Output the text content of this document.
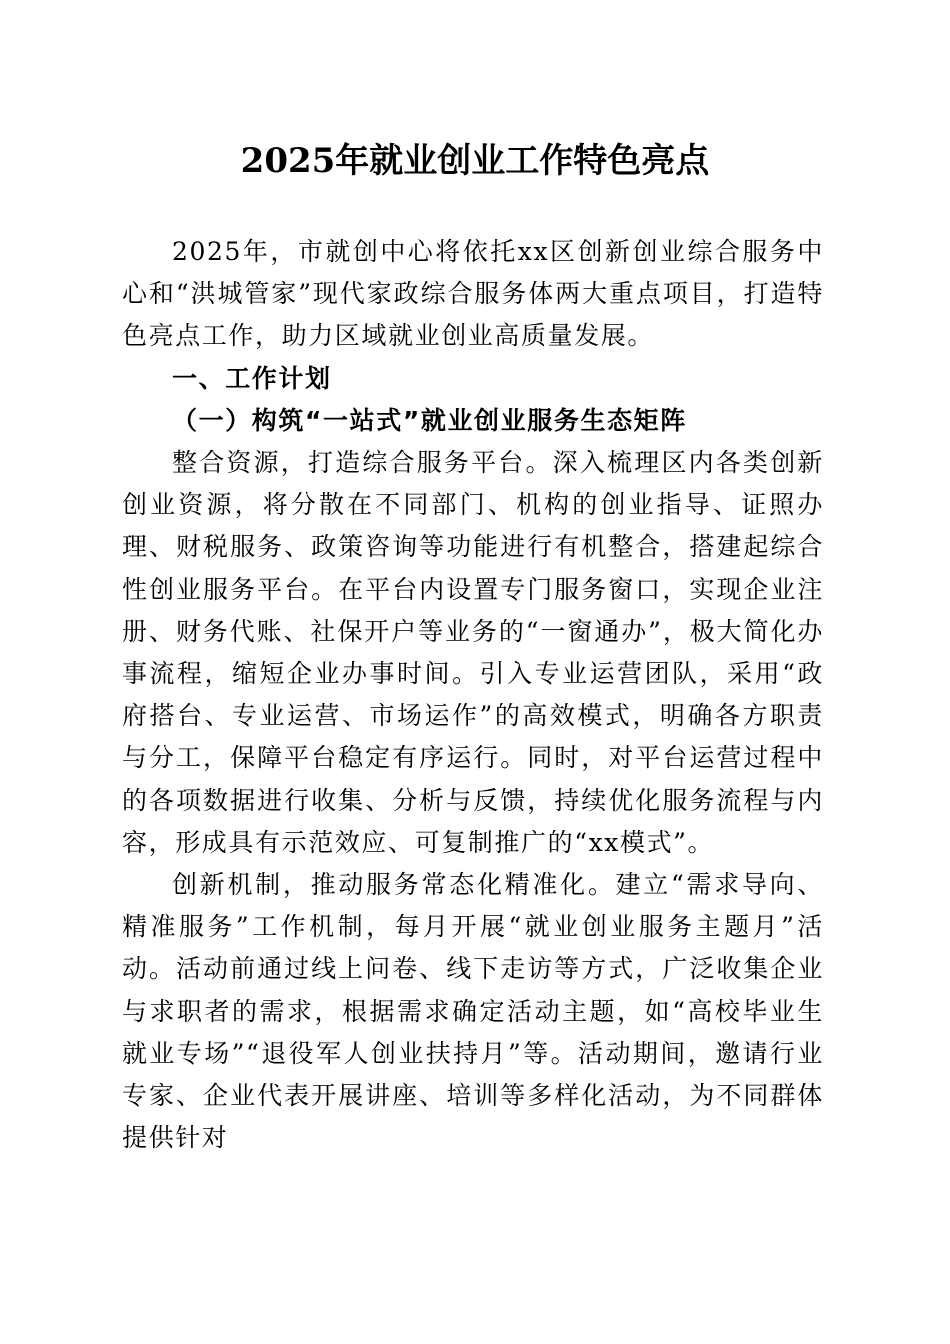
2025年就业创业工作特色亮点

2025年，市就创中心将依托xx区创新创业综合服务中心和“洪城管家”现代家政综合服务体两大重点项目，打造特色亮点工作，助力区域就业创业高质量发展。

一、工作计划

（一）构筑“一站式”就业创业服务生态矩阵

整合资源，打造综合服务平台。深入梳理区内各类创新创业资源，将分散在不同部门、机构的创业指导、证照办理、财税服务、政策咨询等功能进行有机整合，搭建起综合性创业服务平台。在平台内设置专门服务窗口，实现企业注册、财务代账、社保开户等业务的“一窗通办”，极大简化办事流程，缩短企业办事时间。引入专业运营团队，采用“政府搭台、专业运营、市场运作”的高效模式，明确各方职责与分工，保障平台稳定有序运行。同时，对平台运营过程中的各项数据进行收集、分析与反馈，持续优化服务流程与内容，形成具有示范效应、可复制推广的“xx模式”。

创新机制，推动服务常态化精准化。建立“需求导向、精准服务”工作机制，每月开展“就业创业服务主题月”活动。活动前通过线上问卷、线下走访等方式，广泛收集企业与求职者的需求，根据需求确定活动主题，如“高校毕业生就业专场”“退役军人创业扶持月”等。活动期间，邀请行业专家、企业代表开展讲座、培训等多样化活动，为不同群体提供针对
